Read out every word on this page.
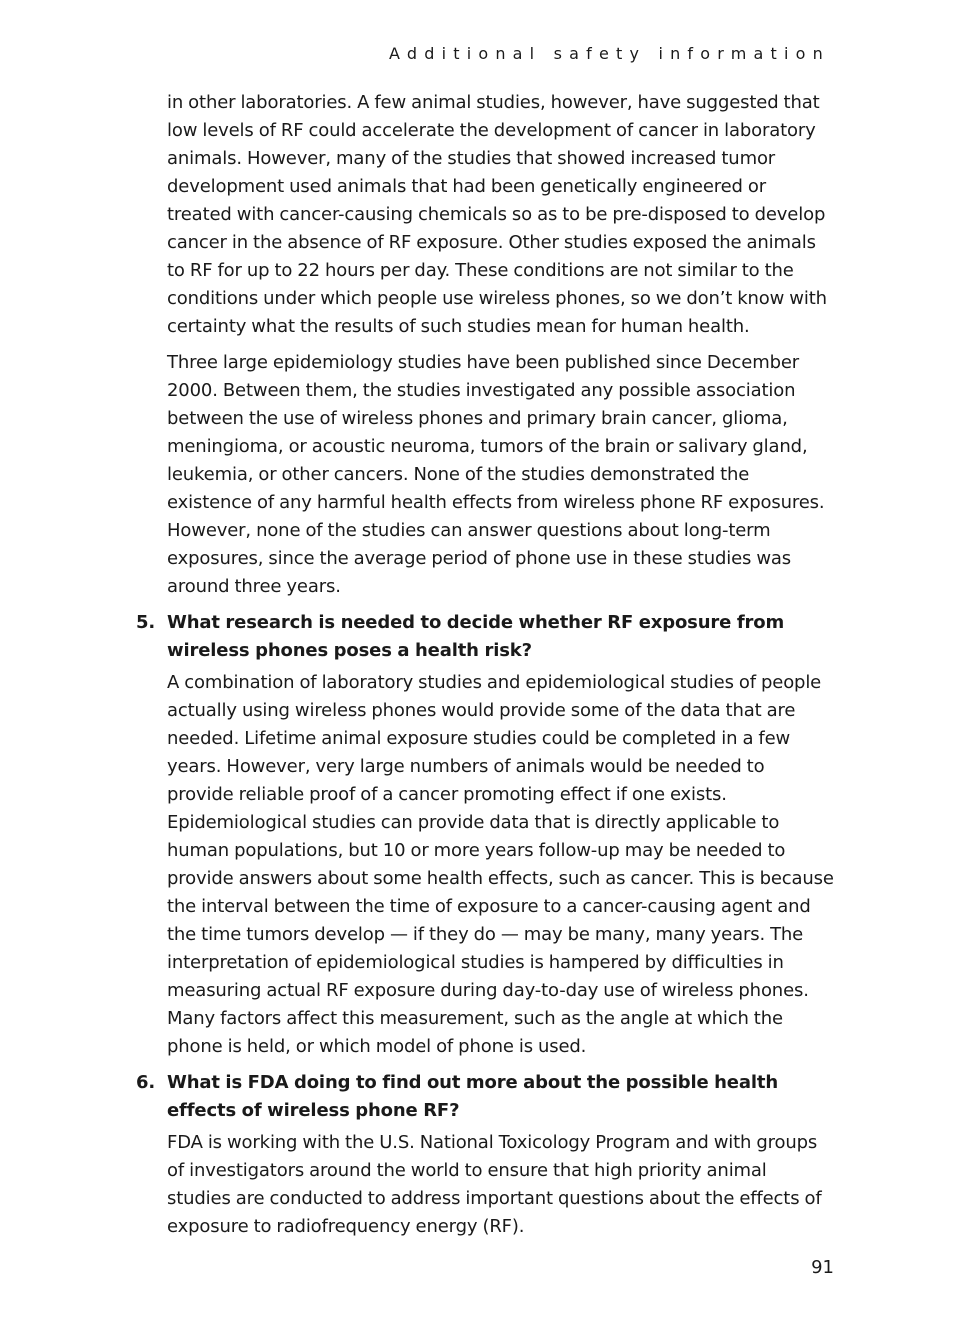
Additional safety information

in other laboratories. A few animal studies, however, have suggested that low levels of RF could accelerate the development of cancer in laboratory animals. However, many of the studies that showed increased tumor development used animals that had been genetically engineered or treated with cancer-causing chemicals so as to be pre-disposed to develop cancer in the absence of RF exposure. Other studies exposed the animals to RF for up to 22 hours per day. These conditions are not similar to the conditions under which people use wireless phones, so we don’t know with certainty what the results of such studies mean for human health.

Three large epidemiology studies have been published since December 2000. Between them, the studies investigated any possible association between the use of wireless phones and primary brain cancer, glioma, meningioma, or acoustic neuroma, tumors of the brain or salivary gland, leukemia, or other cancers. None of the studies demonstrated the existence of any harmful health effects from wireless phone RF exposures. However, none of the studies can answer questions about long-term exposures, since the average period of phone use in these studies was around three years.

5. What research is needed to decide whether RF exposure from wireless phones poses a health risk?

A combination of laboratory studies and epidemiological studies of people actually using wireless phones would provide some of the data that are needed. Lifetime animal exposure studies could be completed in a few years. However, very large numbers of animals would be needed to provide reliable proof of a cancer promoting effect if one exists. Epidemiological studies can provide data that is directly applicable to human populations, but 10 or more years follow-up may be needed to provide answers about some health effects, such as cancer. This is because the interval between the time of exposure to a cancer-causing agent and the time tumors develop — if they do — may be many, many years. The interpretation of epidemiological studies is hampered by difficulties in measuring actual RF exposure during day-to-day use of wireless phones. Many factors affect this measurement, such as the angle at which the phone is held, or which model of phone is used.

6. What is FDA doing to find out more about the possible health effects of wireless phone RF?

FDA is working with the U.S. National Toxicology Program and with groups of investigators around the world to ensure that high priority animal studies are conducted to address important questions about the effects of exposure to radiofrequency energy (RF).

91
